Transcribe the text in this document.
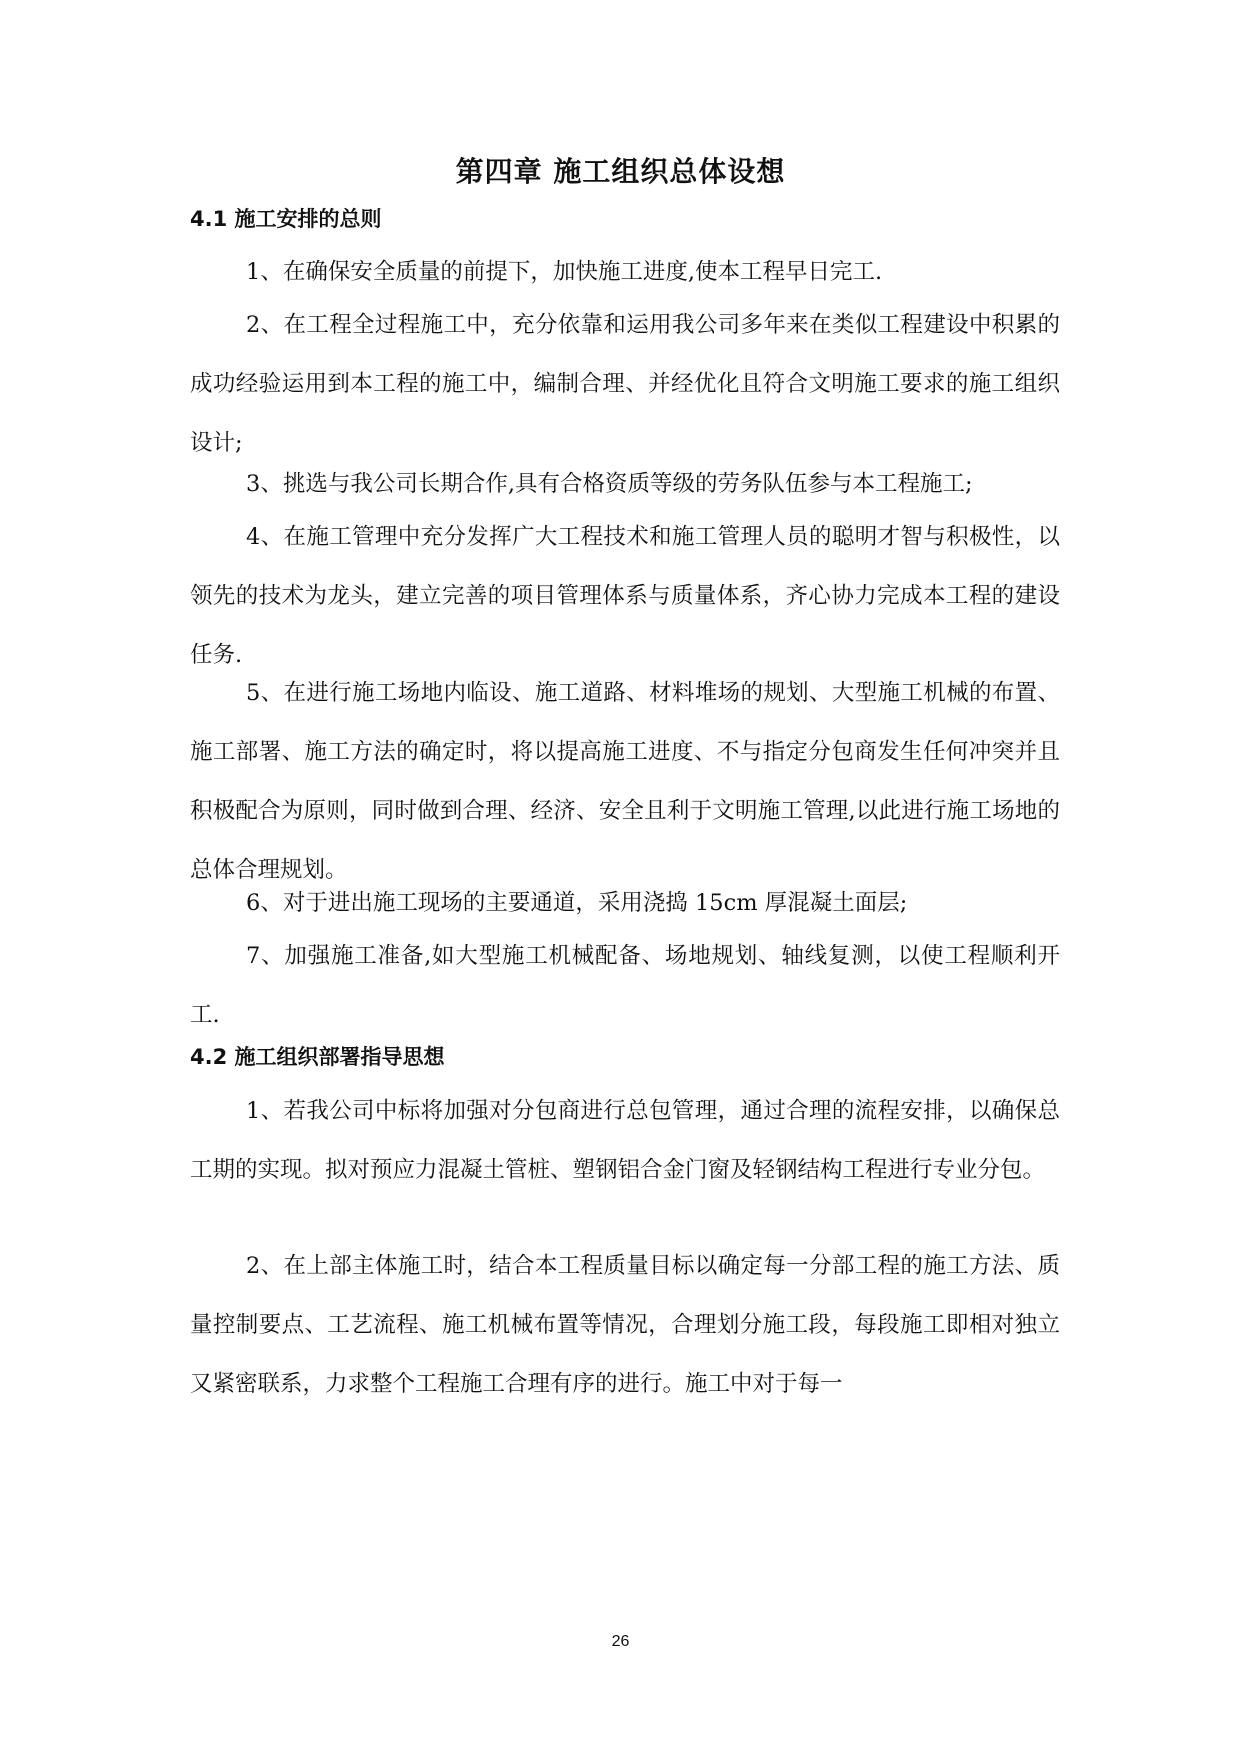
第四章 施工组织总体设想
4.1 施工安排的总则

1、在确保安全质量的前提下，加快施工进度,使本工程早日完工.

2、在工程全过程施工中，充分依靠和运用我公司多年来在类似工程建设中积累的成功经验运用到本工程的施工中，编制合理、并经优化且符合文明施工要求的施工组织设计;

3、挑选与我公司长期合作,具有合格资质等级的劳务队伍参与本工程施工;

4、在施工管理中充分发挥广大工程技术和施工管理人员的聪明才智与积极性，以领先的技术为龙头，建立完善的项目管理体系与质量体系，齐心协力完成本工程的建设任务.

5、在进行施工场地内临设、施工道路、材料堆场的规划、大型施工机械的布置、施工部署、施工方法的确定时，将以提高施工进度、不与指定分包商发生任何冲突并且积极配合为原则，同时做到合理、经济、安全且利于文明施工管理,以此进行施工场地的总体合理规划。

6、对于进出施工现场的主要通道，采用浇捣 15cm 厚混凝土面层;

7、加强施工准备,如大型施工机械配备、场地规划、轴线复测，以使工程顺利开工.

4.2 施工组织部署指导思想

1、若我公司中标将加强对分包商进行总包管理，通过合理的流程安排，以确保总工期的实现。拟对预应力混凝土管桩、塑钢铝合金门窗及轻钢结构工程进行专业分包。

2、在上部主体施工时，结合本工程质量目标以确定每一分部工程的施工方法、质量控制要点、工艺流程、施工机械布置等情况，合理划分施工段，每段施工即相对独立又紧密联系，力求整个工程施工合理有序的进行。施工中对于每一

26
